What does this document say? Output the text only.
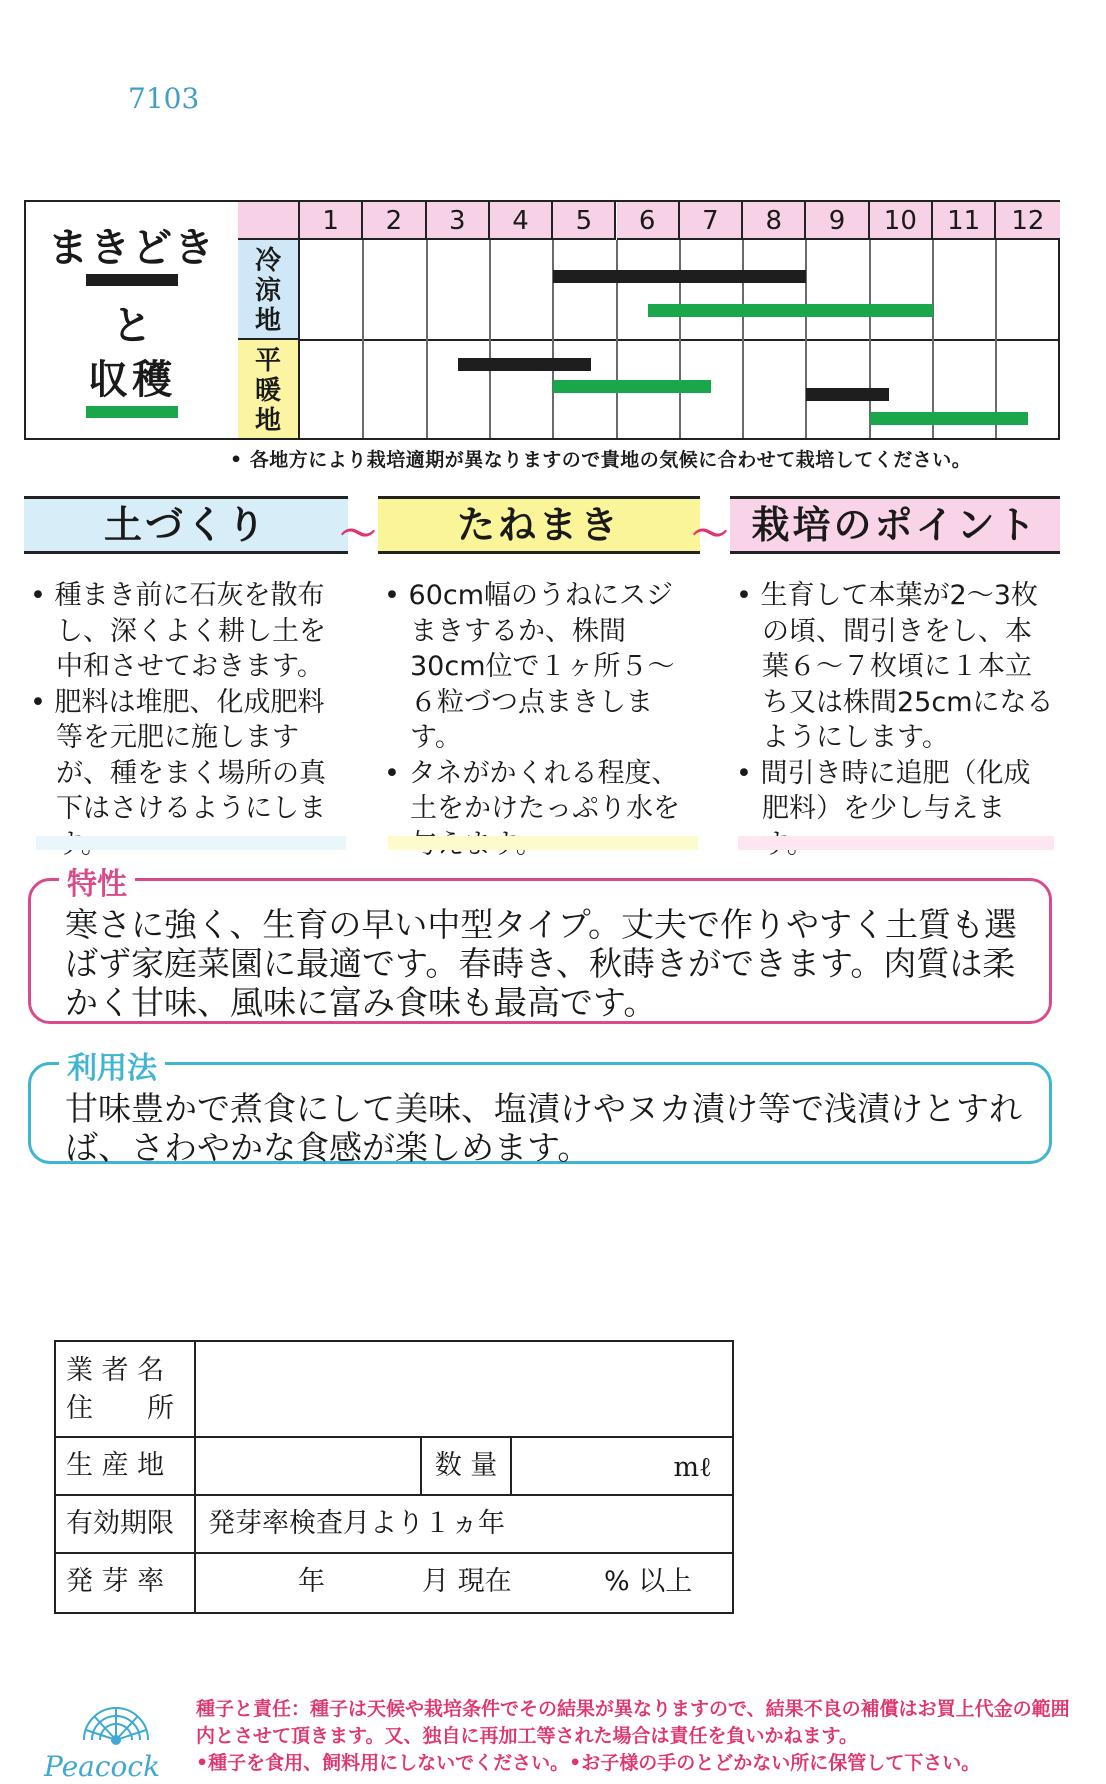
7103
まきどき
と
収穫
冷涼地
平暖地
1	2	3	4	5	6	7	8	9	10	11	12
• 各地方により栽培適期が異なりますので貴地の気候に合わせて栽培してください。
土づくり	～	たねまき	～ 栽培のポイント
• 種まき前に石灰を散布し、深くよく耕し土を中和させておきます。
• 肥料は堆肥、化成肥料等を元肥に施しますが、種をまく場所の真下はさけるようにしま
• 60cm幅のうねにスジまきするか、株間30cm位で１ヶ所５～６粒づつ点まきします。
• タネがかくれる程度、土をかけたっぷり水を
• 生育して本葉が2～3枚の頃、間引きをし、本葉６～７枚頃に１本立ち又は株間25cmになるようにします。
• 間引き時に追肥（化成肥料）を少し与えま
特性
寒さに強く、生育の早い中型タイプ。丈夫で作りやすく土質も選ばず家庭菜園に最適です。春蒔き、秋蒔きができます。肉質は柔かく甘味、風味に富み食味も最高です。
利用法
甘味豊かで煮食にして美味、塩漬けやヌカ漬け等で浅漬けとすれば、さわやかな食感が楽しめます。
業 者 名
住　　所
生 産 地	数 量	mℓ
有効期限	発芽率検査月より１ヵ年
発 芽 率	年	月 現在	% 以上
Peacock
種子と責任：種子は天候や栽培条件でその結果が異なりますので、結果不良の補償はお買上代金の範囲内とさせて頂きます。又、独自に再加工等された場合は責任を負いかねます。
•種子を食用、飼料用にしないでください。•お子様の手のとどかない所に保管して下さい。
